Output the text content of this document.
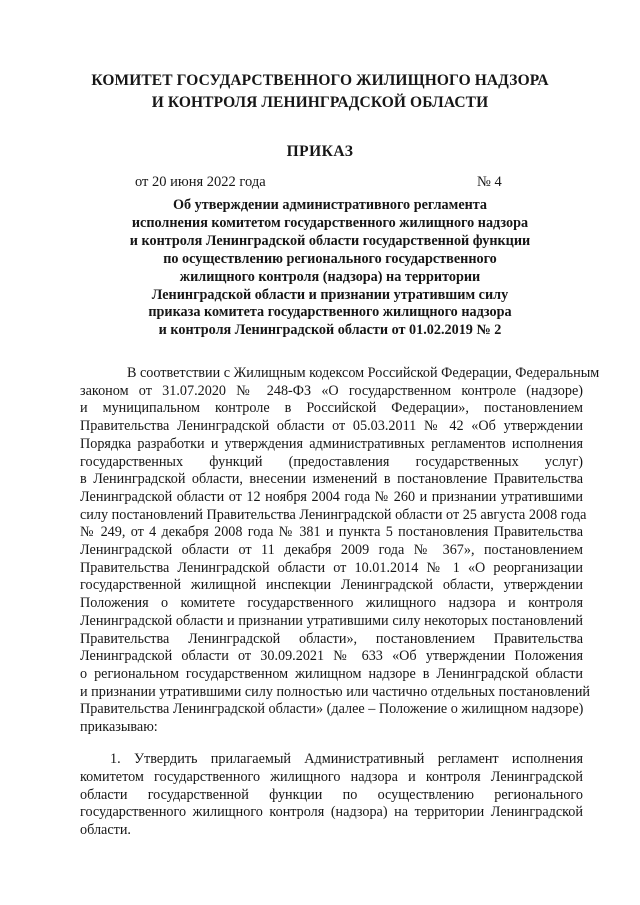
КОМИТЕТ ГОСУДАРСТВЕННОГО ЖИЛИЩНОГО НАДЗОРА
И КОНТРОЛЯ ЛЕНИНГРАДСКОЙ ОБЛАСТИ
ПРИКАЗ
от 20 июня 2022 года	№ 4
Об утверждении административного регламента
исполнения комитетом государственного жилищного надзора
и контроля Ленинградской области государственной функции
по осуществлению регионального государственного
жилищного контроля (надзора) на территории
Ленинградской области и признании утратившим силу
приказа комитета государственного жилищного надзора
и контроля Ленинградской области от 01.02.2019 № 2
В соответствии с Жилищным кодексом Российской Федерации, Федеральным
законом от 31.07.2020 № 248-ФЗ «О государственном контроле (надзоре)
и муниципальном контроле в Российской Федерации», постановлением
Правительства Ленинградской области от 05.03.2011 № 42 «Об утверждении
Порядка разработки и утверждения административных регламентов исполнения
государственных функций (предоставления государственных услуг)
в Ленинградской области, внесении изменений в постановление Правительства
Ленинградской области от 12 ноября 2004 года № 260 и признании утратившими
силу постановлений Правительства Ленинградской области от 25 августа 2008 года
№ 249, от 4 декабря 2008 года № 381 и пункта 5 постановления Правительства
Ленинградской области от 11 декабря 2009 года № 367», постановлением
Правительства Ленинградской области от 10.01.2014 № 1 «О реорганизации
государственной жилищной инспекции Ленинградской области, утверждении
Положения о комитете государственного жилищного надзора и контроля
Ленинградской области и признании утратившими силу некоторых постановлений
Правительства Ленинградской области», постановлением Правительства
Ленинградской области от 30.09.2021 № 633 «Об утверждении Положения
о региональном государственном жилищном надзоре в Ленинградской области
и признании утратившими силу полностью или частично отдельных постановлений
Правительства Ленинградской области» (далее – Положение о жилищном надзоре)
приказываю:
1. Утвердить прилагаемый Административный регламент исполнения
комитетом государственного жилищного надзора и контроля Ленинградской
области государственной функции по осуществлению регионального
государственного жилищного контроля (надзора) на территории Ленинградской
области.
